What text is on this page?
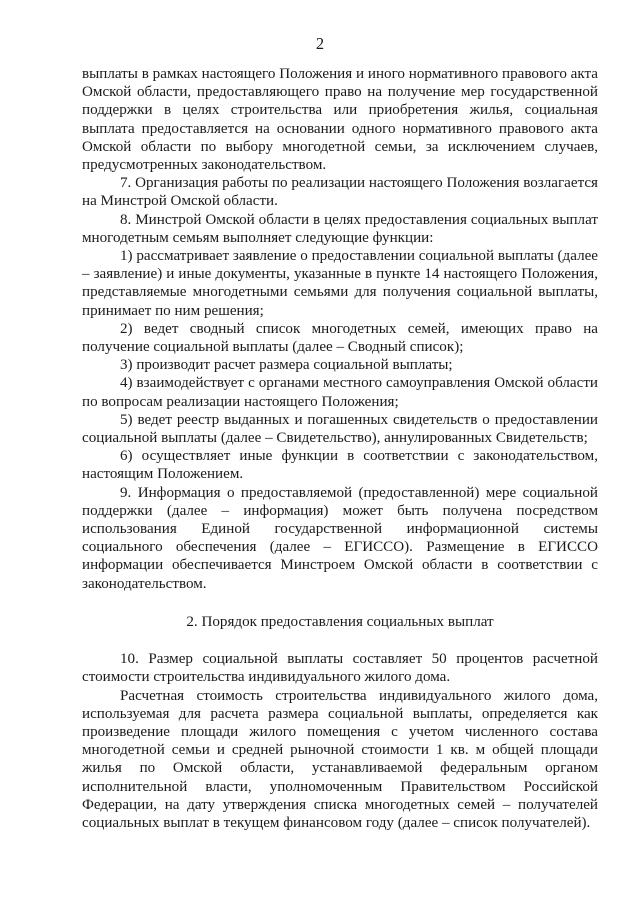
2

выплаты в рамках настоящего Положения и иного нормативного правового акта Омской области, предоставляющего право на получение мер государственной поддержки в целях строительства или приобретения жилья, социальная выплата предоставляется на основании одного нормативного правового акта Омской области по выбору многодетной семьи, за исключением случаев, предусмотренных законодательством.

7. Организация работы по реализации настоящего Положения возлагается на Минстрой Омской области.

8. Минстрой Омской области в целях предоставления социальных выплат многодетным семьям выполняет следующие функции:

1) рассматривает заявление о предоставлении социальной выплаты (далее – заявление) и иные документы, указанные в пункте 14 настоящего Положения, представляемые многодетными семьями для получения социальной выплаты, принимает по ним решения;

2) ведет сводный список многодетных семей, имеющих право на получение социальной выплаты (далее – Сводный список);

3) производит расчет размера социальной выплаты;

4) взаимодействует с органами местного самоуправления Омской области по вопросам реализации настоящего Положения;

5) ведет реестр выданных и погашенных свидетельств о предоставлении социальной выплаты (далее – Свидетельство), аннулированных Свидетельств;

6) осуществляет иные функции в соответствии с законодательством, настоящим Положением.

9. Информация о предоставляемой (предоставленной) мере социальной поддержки (далее – информация) может быть получена посредством использования Единой государственной информационной системы социального обеспечения (далее – ЕГИССО). Размещение в ЕГИССО информации обеспечивается Минстроем Омской области в соответствии с законодательством.

2. Порядок предоставления социальных выплат

10. Размер социальной выплаты составляет 50 процентов расчетной стоимости строительства индивидуального жилого дома.

Расчетная стоимость строительства индивидуального жилого дома, используемая для расчета размера социальной выплаты, определяется как произведение площади жилого помещения с учетом численного состава многодетной семьи и средней рыночной стоимости 1 кв. м общей площади жилья по Омской области, устанавливаемой федеральным органом исполнительной власти, уполномоченным Правительством Российской Федерации, на дату утверждения списка многодетных семей – получателей социальных выплат в текущем финансовом году (далее – список получателей).
